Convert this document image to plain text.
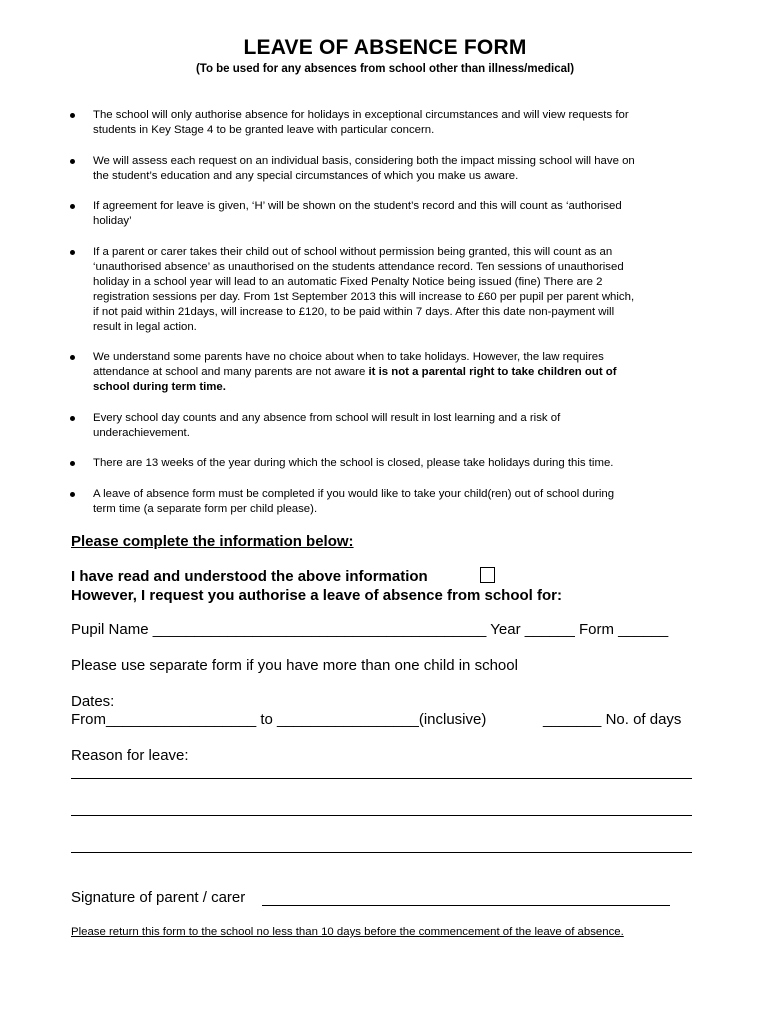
LEAVE OF ABSENCE FORM
(To be used for any absences from school other than illness/medical)
The school will only authorise absence for holidays in exceptional circumstances and will view requests for
students in Key Stage 4 to be granted leave with particular concern.
We will assess each request on an individual basis, considering both the impact missing school will have on
the student’s education and any special circumstances of which you make us aware.
If agreement for leave is given, ‘H’ will be shown on the student’s record and this will count as ‘authorised
holiday’
If a parent or carer takes their child out of school without permission being granted, this will count as an
‘unauthorised absence’ as unauthorised on the students attendance record. Ten sessions of unauthorised
holiday in a school year will lead to an automatic Fixed Penalty Notice being issued (fine) There are 2
registration sessions per day. From 1st September 2013 this will increase to £60 per pupil per parent which,
if not paid within 21days, will increase to £120, to be paid within 7 days. After this date non-payment will
result in legal action.
We understand some parents have no choice about when to take holidays. However, the law requires
attendance at school and many parents are not aware it is not a parental right to take children out of
school during term time.
Every school day counts and any absence from school will result in lost learning and a risk of
underachievement.
There are 13 weeks of the year during which the school is closed, please take holidays during this time.
A leave of absence form must be completed if you would like to take your child(ren) out of school during
term time (a separate form per child please).
Please complete the information below:
I have read and understood the above information
However, I request you authorise a leave of absence from school for:
Pupil Name ________________________________________ Year ______ Form ______
Please use separate form if you have more than one child in school
Dates:
From__________________ to _________________(inclusive)	_______ No. of days
Reason for leave:
Signature of parent / carer
Please return this form to the school no less than 10 days before the commencement of the leave of absence.
